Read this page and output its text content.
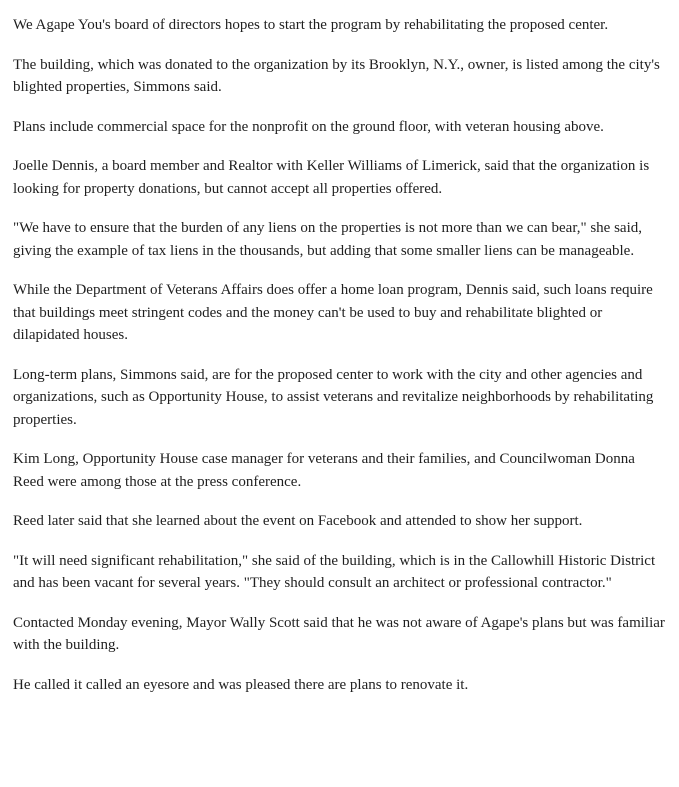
We Agape You's board of directors hopes to start the program by rehabilitating the proposed center.

The building, which was donated to the organization by its Brooklyn, N.Y., owner, is listed among the city's blighted properties, Simmons said.

Plans include commercial space for the nonprofit on the ground floor, with veteran housing above.

Joelle Dennis, a board member and Realtor with Keller Williams of Limerick, said that the organization is looking for property donations, but cannot accept all properties offered.

"We have to ensure that the burden of any liens on the properties is not more than we can bear," she said, giving the example of tax liens in the thousands, but adding that some smaller liens can be manageable.

While the Department of Veterans Affairs does offer a home loan program, Dennis said, such loans require that buildings meet stringent codes and the money can't be used to buy and rehabilitate blighted or dilapidated houses.

Long-term plans, Simmons said, are for the proposed center to work with the city and other agencies and organizations, such as Opportunity House, to assist veterans and revitalize neighborhoods by rehabilitating properties.

Kim Long, Opportunity House case manager for veterans and their families, and Councilwoman Donna Reed were among those at the press conference.

Reed later said that she learned about the event on Facebook and attended to show her support.

"It will need significant rehabilitation," she said of the building, which is in the Callowhill Historic District and has been vacant for several years. "They should consult an architect or professional contractor."

Contacted Monday evening, Mayor Wally Scott said that he was not aware of Agape's plans but was familiar with the building.

He called it called an eyesore and was pleased there are plans to renovate it.
